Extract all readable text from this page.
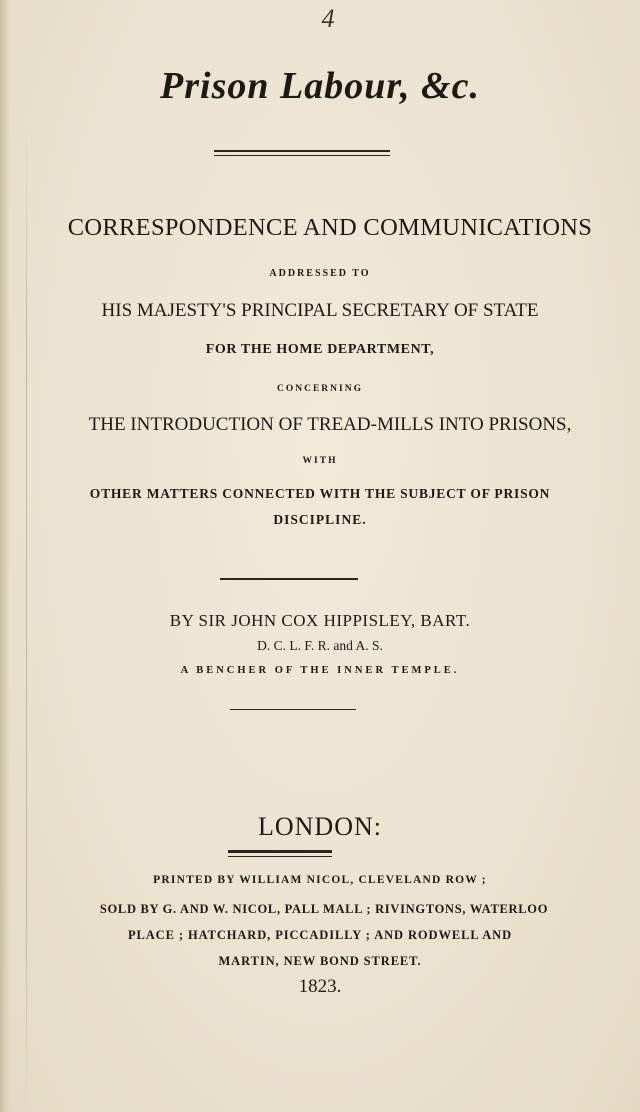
4
Prison Labour, &c.
CORRESPONDENCE AND COMMUNICATIONS
ADDRESSED TO
HIS MAJESTY'S PRINCIPAL SECRETARY OF STATE
FOR THE HOME DEPARTMENT,
CONCERNING
THE INTRODUCTION OF TREAD-MILLS INTO PRISONS,
WITH
OTHER MATTERS CONNECTED WITH THE SUBJECT OF PRISON
DISCIPLINE.
BY SIR JOHN COX HIPPISLEY, BART.
D. C. L. F. R. and A. S.
A BENCHER OF THE INNER TEMPLE.
LONDON:
PRINTED BY WILLIAM NICOL, CLEVELAND ROW ;
SOLD BY G. AND W. NICOL, PALL MALL ; RIVINGTONS, WATERLOO
PLACE ; HATCHARD, PICCADILLY ; AND RODWELL AND
MARTIN, NEW BOND STREET.
1823.
